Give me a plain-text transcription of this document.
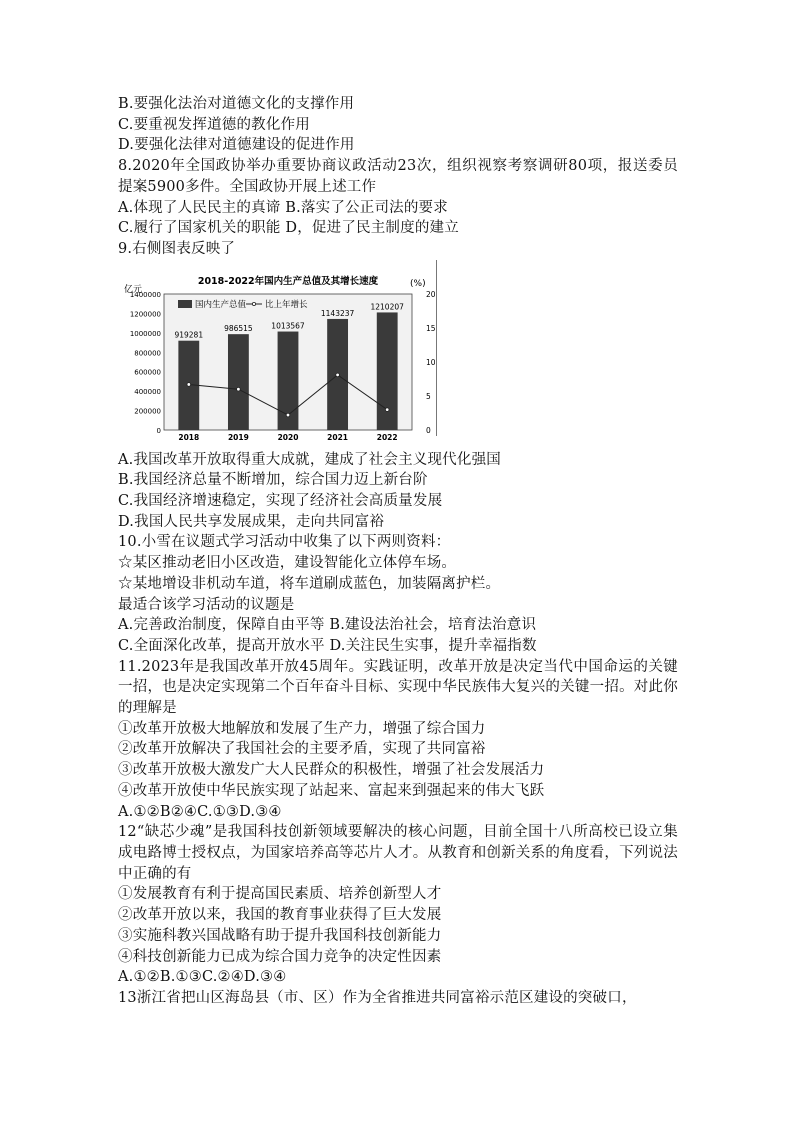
B.要强化法治对道德文化的支撑作用
C.要重视发挥道德的教化作用
D.要强化法律对道德建设的促进作用
8.2020年全国政协举办重要协商议政活动23次，组织视察考察调研80项，报送委员提案5900多件。全国政协开展上述工作
A.体现了人民民主的真谛 B.落实了公正司法的要求
C.履行了国家机关的职能 D，促进了民主制度的建立
9.右侧图表反映了
2018-2022年国内生产总值及其增长速度
亿元
(%)
国内生产总值 比上年增长
1400000
1200000
1000000
800000
600000
400000
200000
0
20
15
10
5
0
919281
2018
986515
2019
1013567
2020
1143237
2021
1210207
2022
A.我国改革开放取得重大成就，建成了社会主义现代化强国
B.我国经济总量不断增加，综合国力迈上新台阶
C.我国经济增速稳定，实现了经济社会高质量发展
D.我国人民共享发展成果，走向共同富裕
10.小雪在议题式学习活动中收集了以下两则资料：
☆某区推动老旧小区改造，建设智能化立体停车场。
☆某地增设非机动车道，将车道刷成蓝色，加装隔离护栏。
最适合该学习活动的议题是
A.完善政治制度，保障自由平等 B.建设法治社会，培育法治意识
C.全面深化改革，提高开放水平 D.关注民生实事，提升幸福指数
11.2023年是我国改革开放45周年。实践证明，改革开放是决定当代中国命运的关键一招，也是决定实现第二个百年奋斗目标、实现中华民族伟大复兴的关键一招。对此你的理解是
①改革开放极大地解放和发展了生产力，增强了综合国力
②改革开放解决了我国社会的主要矛盾，实现了共同富裕
③改革开放极大激发广大人民群众的积极性，增强了社会发展活力
④改革开放使中华民族实现了站起来、富起来到强起来的伟大飞跃
A.①②B②④C.①③D.③④
12“缺芯少魂”是我国科技创新领域要解决的核心问题，目前全国十八所高校已设立集成电路博士授权点，为国家培养高等芯片人才。从教育和创新关系的角度看，下列说法中正确的有
①发展教育有利于提高国民素质、培养创新型人才
②改革开放以来，我国的教育事业获得了巨大发展
③实施科教兴国战略有助于提升我国科技创新能力
④科技创新能力已成为综合国力竞争的决定性因素
A.①②B.①③C.②④D.③④
13浙江省把山区海岛县（市、区）作为全省推进共同富裕示范区建设的突破口，
